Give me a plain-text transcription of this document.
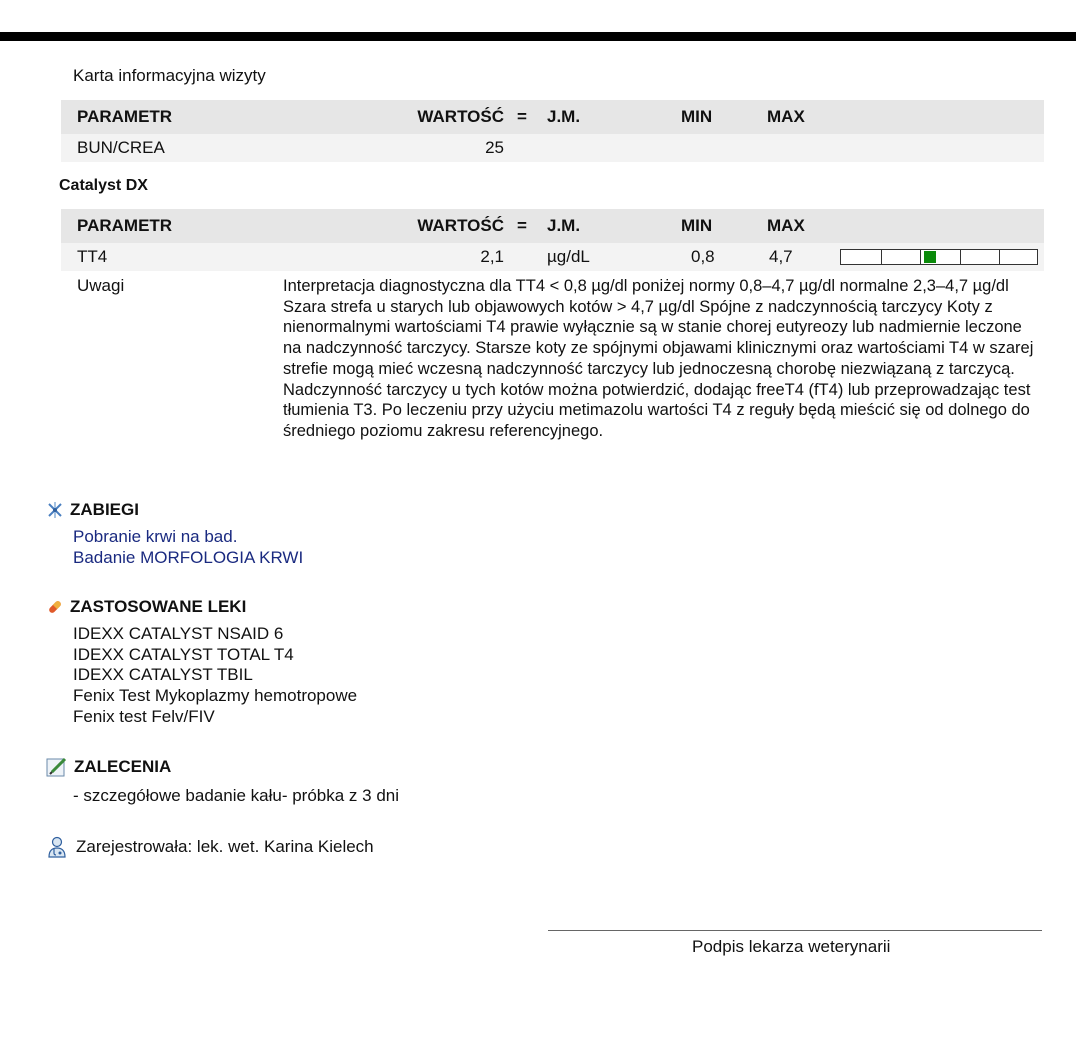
Karta informacyjna wizyty
PARAMETR	WARTOŚĆ = J.M.	MIN	MAX
BUN/CREA	25
Catalyst DX
PARAMETR	WARTOŚĆ = J.M.	MIN	MAX
TT4	2,1	µg/dL	0,8	4,7
Uwagi	Interpretacja diagnostyczna dla TT4 < 0,8 µg/dl poniżej normy 0,8–4,7 µg/dl normalne 2,3–4,7 µg/dl Szara strefa u starych lub objawowych kotów > 4,7 µg/dl Spójne z nadczynnością tarczycy Koty z nienormalnymi wartościami T4 prawie wyłącznie są w stanie chorej eutyreozy lub nadmiernie leczone na nadczynność tarczycy. Starsze koty ze spójnymi objawami klinicznymi oraz wartościami T4 w szarej strefie mogą mieć wczesną nadczynność tarczycy lub jednoczesną chorobę niezwiązaną z tarczycą. Nadczynność tarczycy u tych kotów można potwierdzić, dodając freeT4 (fT4) lub przeprowadzając test tłumienia T3. Po leczeniu przy użyciu metimazolu wartości T4 z reguły będą mieścić się od dolnego do średniego poziomu zakresu referencyjnego.
ZABIEGI
Pobranie krwi na bad.
Badanie MORFOLOGIA KRWI
ZASTOSOWANE LEKI
IDEXX CATALYST NSAID 6
IDEXX CATALYST TOTAL T4
IDEXX CATALYST TBIL
Fenix Test Mykoplazmy hemotropowe
Fenix test Felv/FIV
ZALECENIA
- szczegółowe badanie kału- próbka z 3 dni
Zarejestrowała: lek. wet. Karina Kielech
Podpis lekarza weterynarii
